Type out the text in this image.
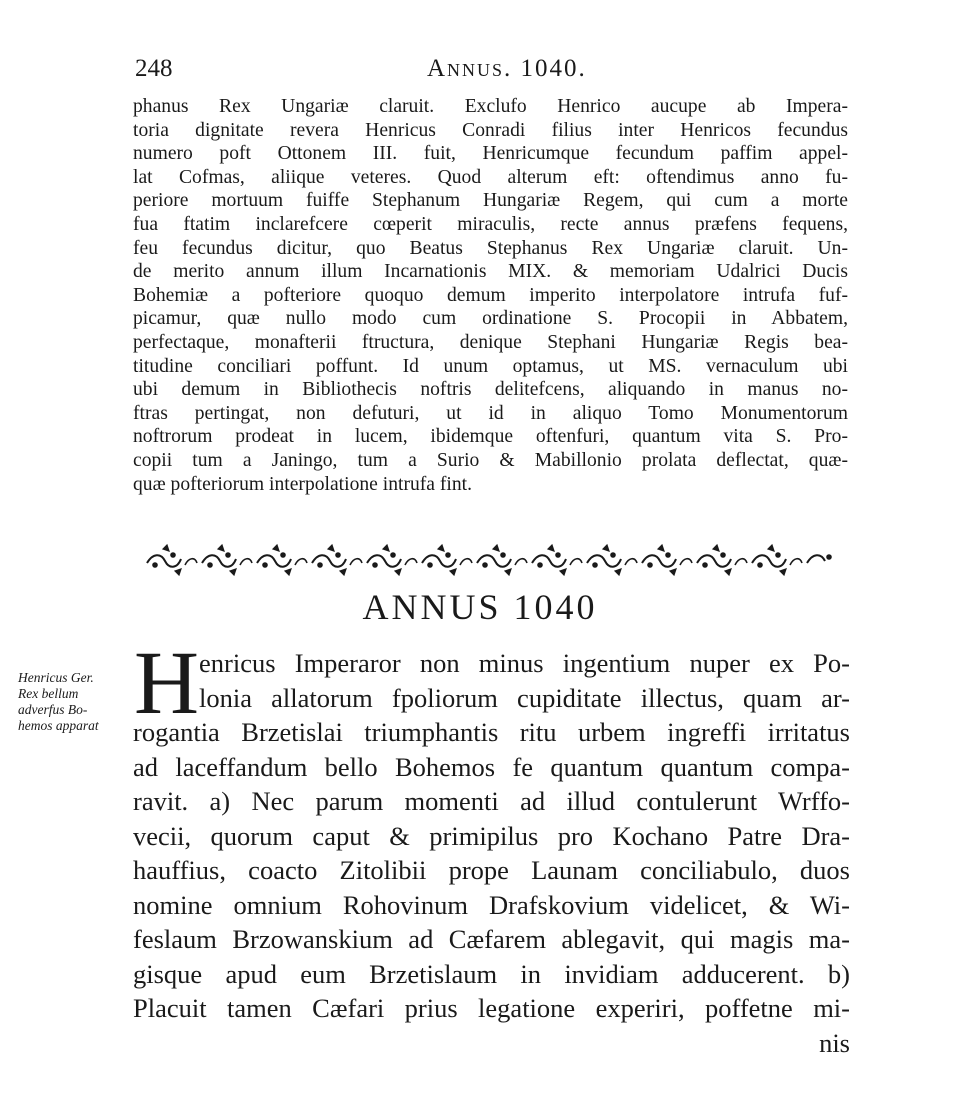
248	Annus. 1040.
phanus Rex Ungariæ claruit. Exclufo Henrico aucupe ab Impera-
toria dignitate revera Henricus Conradi filius inter Henricos fecundus
numero poft Ottonem III. fuit, Henricumque fecundum paffim appel-
lat Cofmas, aliique veteres. Quod alterum eft: oftendimus anno fu-
periore mortuum fuiffe Stephanum Hungariæ Regem, qui cum a morte
fua ftatim inclarefcere cœperit miraculis, recte annus præfens fequens,
feu fecundus dicitur, quo Beatus Stephanus Rex Ungariæ claruit. Un-
de merito annum illum Incarnationis MIX. & memoriam Udalrici Ducis
Bohemiæ a pofteriore quoquo demum imperito interpolatore intrufa fuf-
picamur, quæ nullo modo cum ordinatione S. Procopii in Abbatem,
perfectaque, monafterii ftructura, denique Stephani Hungariæ Regis bea-
titudine conciliari poffunt. Id unum optamus, ut MS. vernaculum ubi
ubi demum in Bibliothecis noftris delitefcens, aliquando in manus no-
ftras pertingat, non defuturi, ut id in aliquo Tomo Monumentorum
noftrorum prodeat in lucem, ibidemque oftenfuri, quantum vita S. Pro-
copii tum a Janingo, tum a Surio & Mabillonio prolata deflectat, quæ-
quæ pofteriorum interpolatione intrufa fint.
ANNUS 1040
Henricus Ger.
Rex bellum
adverfus Bo-
hemos apparat H enricus Imperaror non minus ingentium nuper ex Po-
lonia allatorum fpoliorum cupiditate illectus, quam ar-
rogantia Brzetislai triumphantis ritu urbem ingreffi irritatus
ad laceffandum bello Bohemos fe quantum quantum compa-
ravit. a) Nec parum momenti ad illud contulerunt Wrffo-
vecii, quorum caput & primipilus pro Kochano Patre Dra-
hauffius, coacto Zitolibii prope Launam conciliabulo, duos
nomine omnium Rohovinum Drafskovium videlicet, & Wi-
feslaum Brzowanskium ad Cæfarem ablegavit, qui magis ma-
gisque apud eum Brzetislaum in invidiam adducerent. b)
Placuit tamen Cæfari prius legatione experiri, poffetne mi-
nis
